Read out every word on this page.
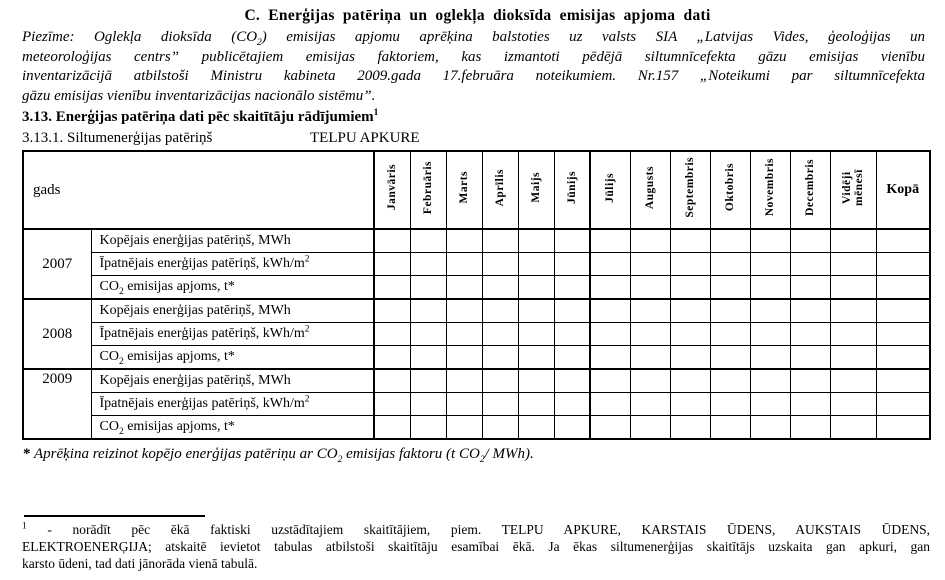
C. Enerģijas patēriņa un oglekļa dioksīda emisijas apjoma dati
Piezīme: Oglekļa dioksīda $(CO_2)$ emisijas apjomu aprēķina balstoties uz valsts SIA „Latvijas Vides, ģeoloģijas un
meteoroloģijas centrs” publicētajiem emisijas faktoriem, kas izmantoti pēdējā siltumnīcefekta gāzu emisijas vienību
inventarizācijā atbilstoši Ministru kabineta 2009.gada 17.februāra noteikumiem. Nr.157 „Noteikumi par siltumnīcefekta
gāzu emisijas vienību inventarizācijas nacionālo sistēmu”.
3.13. Enerģijas patēriņa dati pēc skaitītāju rādījumiem$^1$
3.13.1. Siltumenerģijas patēriņš	TELPU APKURE
gads		Janvāris	Februāris	Marts	Aprīlis	Maijs	Jūnijs	Jūlijs	Augusts	Septembris	Oktobris	Novembris	Decembris	Vidēji mēnesī	Kopā
2007	Kopējais enerģijas patēriņš, MWh														
	Īpatnējais enerģijas patēriņš, kWh/$m^2$														
	$CO_2$ emisijas apjoms, t*														
2008	Kopējais enerģijas patēriņš, MWh														
	Īpatnējais enerģijas patēriņš, kWh/$m^2$														
	$CO_2$ emisijas apjoms, t*														
2009	Kopējais enerģijas patēriņš, MWh														
	Īpatnējais enerģijas patēriņš, kWh/$m^2$														
	$CO_2$ emisijas apjoms, t*														
* Aprēķina reizinot kopējo enerģijas patēriņu ar $CO_2$ emisijas faktoru (t $CO_2/$ MWh).
$^1$ - norādīt pēc ēkā faktiski uzstādītajiem skaitītājiem, piem. TELPU APKURE, KARSTAIS ŪDENS, AUKSTAIS ŪDENS,
ELEKTROENERĢIJA; atskaitē ievietot tabulas atbilstoši skaitītāju esamībai ēkā. Ja ēkas siltumenerģijas skaitītājs uzskaita gan apkuri, gan
karsto ūdeni, tad dati jānorāda vienā tabulā.
